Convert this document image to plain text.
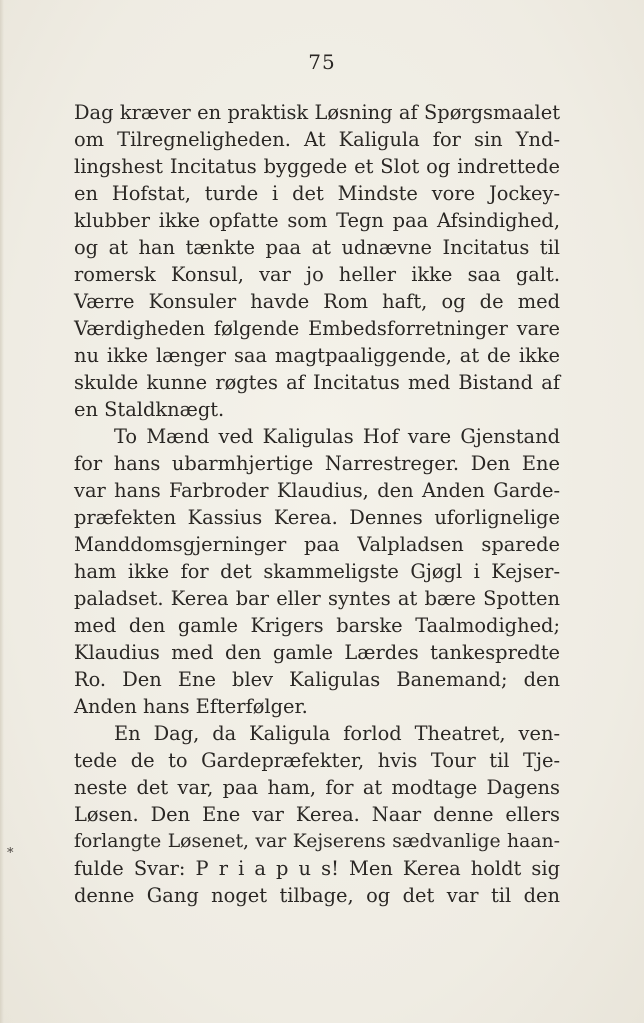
75
Dag kræver en praktisk Løsning af Spørgsmaalet
om Tilregneligheden. At Kaligula for sin Ynd-
lingshest Incitatus byggede et Slot og indrettede
en Hofstat, turde i det Mindste vore Jockey-
klubber ikke opfatte som Tegn paa Afsindighed,
og at han tænkte paa at udnævne Incitatus til
romersk Konsul, var jo heller ikke saa galt.
Værre Konsuler havde Rom haft, og de med
Værdigheden følgende Embedsforretninger vare
nu ikke længer saa magtpaaliggende, at de ikke
skulde kunne røgtes af Incitatus med Bistand af
en Staldknægt.
To Mænd ved Kaligulas Hof vare Gjenstand
for hans ubarmhjertige Narrestreger. Den Ene
var hans Farbroder Klaudius, den Anden Garde-
præfekten Kassius Kerea. Dennes uforlignelige
Manddomsgjerninger paa Valpladsen sparede
ham ikke for det skammeligste Gjøgl i Kejser-
paladset. Kerea bar eller syntes at bære Spotten
med den gamle Krigers barske Taalmodighed;
Klaudius med den gamle Lærdes tankespredte
Ro. Den Ene blev Kaligulas Banemand; den
Anden hans Efterfølger.
En Dag, da Kaligula forlod Theatret, ven-
tede de to Gardepræfekter, hvis Tour til Tje-
neste det var, paa ham, for at modtage Dagens
Løsen. Den Ene var Kerea. Naar denne ellers
forlangte Løsenet, var Kejserens sædvanlige haan-
fulde Svar: P r i a p u s! Men Kerea holdt sig
denne Gang noget tilbage, og det var til den
*
